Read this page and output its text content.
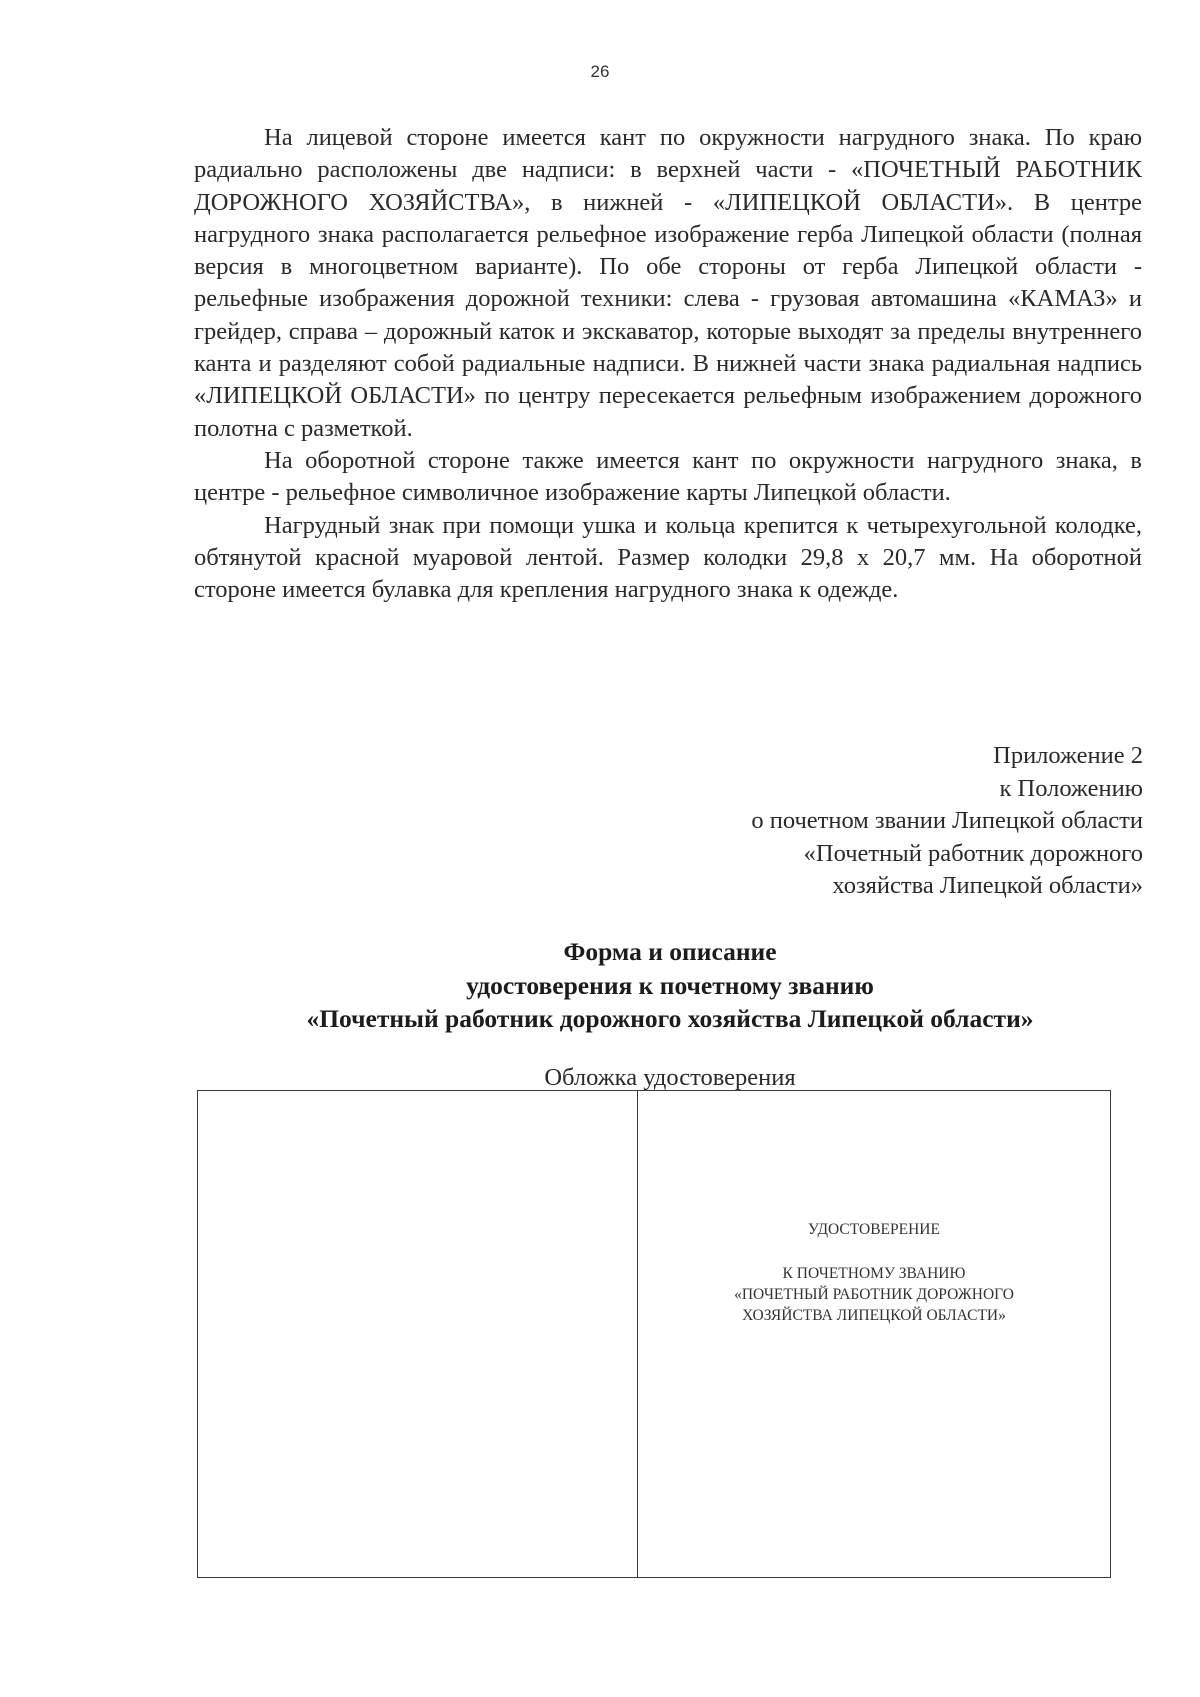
26

На лицевой стороне имеется кант по окружности нагрудного знака. По краю радиально расположены две надписи: в верхней части - «ПОЧЕТНЫЙ РАБОТНИК ДОРОЖНОГО ХОЗЯЙСТВА», в нижней - «ЛИПЕЦКОЙ ОБЛАСТИ». В центре нагрудного знака располагается рельефное изображение герба Липецкой области (полная версия в многоцветном варианте). По обе стороны от герба Липецкой области - рельефные изображения дорожной техники: слева - грузовая автомашина «КАМАЗ» и грейдер, справа – дорожный каток и экскаватор, которые выходят за пределы внутреннего канта и разделяют собой радиальные надписи. В нижней части знака радиальная надпись «ЛИПЕЦКОЙ ОБЛАСТИ» по центру пересекается рельефным изображением дорожного полотна с разметкой.

На оборотной стороне также имеется кант по окружности нагрудного знака, в центре - рельефное символичное изображение карты Липецкой области.

Нагрудный знак при помощи ушка и кольца крепится к четырехугольной колодке, обтянутой красной муаровой лентой. Размер колодки 29,8 х 20,7 мм. На оборотной стороне имеется булавка для крепления нагрудного знака к одежде.

Приложение 2
к Положению
о почетном звании Липецкой области
«Почетный работник дорожного
хозяйства Липецкой области»
Форма и описание
удостоверения к почетному званию
«Почетный работник дорожного хозяйства Липецкой области»
Обложка удостоверения
УДОСТОВЕРЕНИЕ
К ПОЧЕТНОМУ ЗВАНИЮ
«ПОЧЕТНЫЙ РАБОТНИК ДОРОЖНОГО
ХОЗЯЙСТВА ЛИПЕЦКОЙ ОБЛАСТИ»
